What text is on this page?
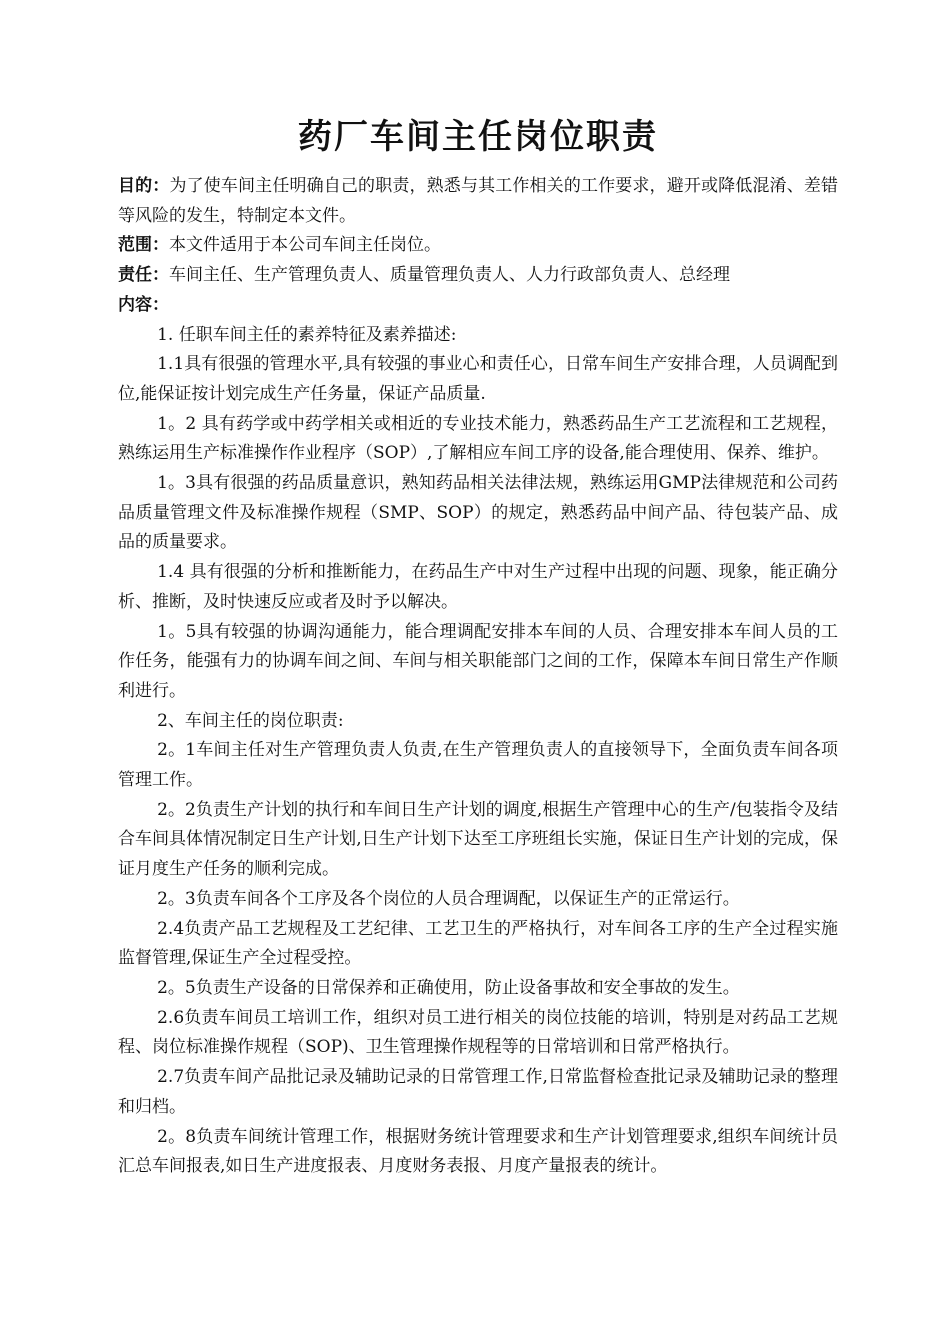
药厂车间主任岗位职责

目的：为了使车间主任明确自己的职责，熟悉与其工作相关的工作要求，避开或降低混淆、差错等风险的发生，特制定本文件。

范围：本文件适用于本公司车间主任岗位。

责任：车间主任、生产管理负责人、质量管理负责人、人力行政部负责人、总经理

内容：

1. 任职车间主任的素养特征及素养描述:

1.1具有很强的管理水平,具有较强的事业心和责任心，日常车间生产安排合理，人员调配到位,能保证按计划完成生产任务量，保证产品质量.

1。2 具有药学或中药学相关或相近的专业技术能力，熟悉药品生产工艺流程和工艺规程，熟练运用生产标准操作作业程序（SOP）,了解相应车间工序的设备,能合理使用、保养、维护。

1。3具有很强的药品质量意识，熟知药品相关法律法规，熟练运用GMP法律规范和公司药品质量管理文件及标准操作规程（SMP、SOP）的规定，熟悉药品中间产品、待包装产品、成品的质量要求。

1.4 具有很强的分析和推断能力，在药品生产中对生产过程中出现的问题、现象，能正确分析、推断，及时快速反应或者及时予以解决。

1。5具有较强的协调沟通能力，能合理调配安排本车间的人员、合理安排本车间人员的工作任务，能强有力的协调车间之间、车间与相关职能部门之间的工作，保障本车间日常生产作顺利进行。

2、车间主任的岗位职责:

2。1车间主任对生产管理负责人负责,在生产管理负责人的直接领导下，全面负责车间各项管理工作。

2。2负责生产计划的执行和车间日生产计划的调度,根据生产管理中心的生产/包装指令及结合车间具体情况制定日生产计划,日生产计划下达至工序班组长实施，保证日生产计划的完成，保证月度生产任务的顺利完成。

2。3负责车间各个工序及各个岗位的人员合理调配，以保证生产的正常运行。

2.4负责产品工艺规程及工艺纪律、工艺卫生的严格执行，对车间各工序的生产全过程实施监督管理,保证生产全过程受控。

2。5负责生产设备的日常保养和正确使用，防止设备事故和安全事故的发生。

2.6负责车间员工培训工作，组织对员工进行相关的岗位技能的培训，特别是对药品工艺规程、岗位标准操作规程（SOP)、卫生管理操作规程等的日常培训和日常严格执行。

2.7负责车间产品批记录及辅助记录的日常管理工作,日常监督检查批记录及辅助记录的整理和归档。

2。8负责车间统计管理工作，根据财务统计管理要求和生产计划管理要求,组织车间统计员汇总车间报表,如日生产进度报表、月度财务表报、月度产量报表的统计。
